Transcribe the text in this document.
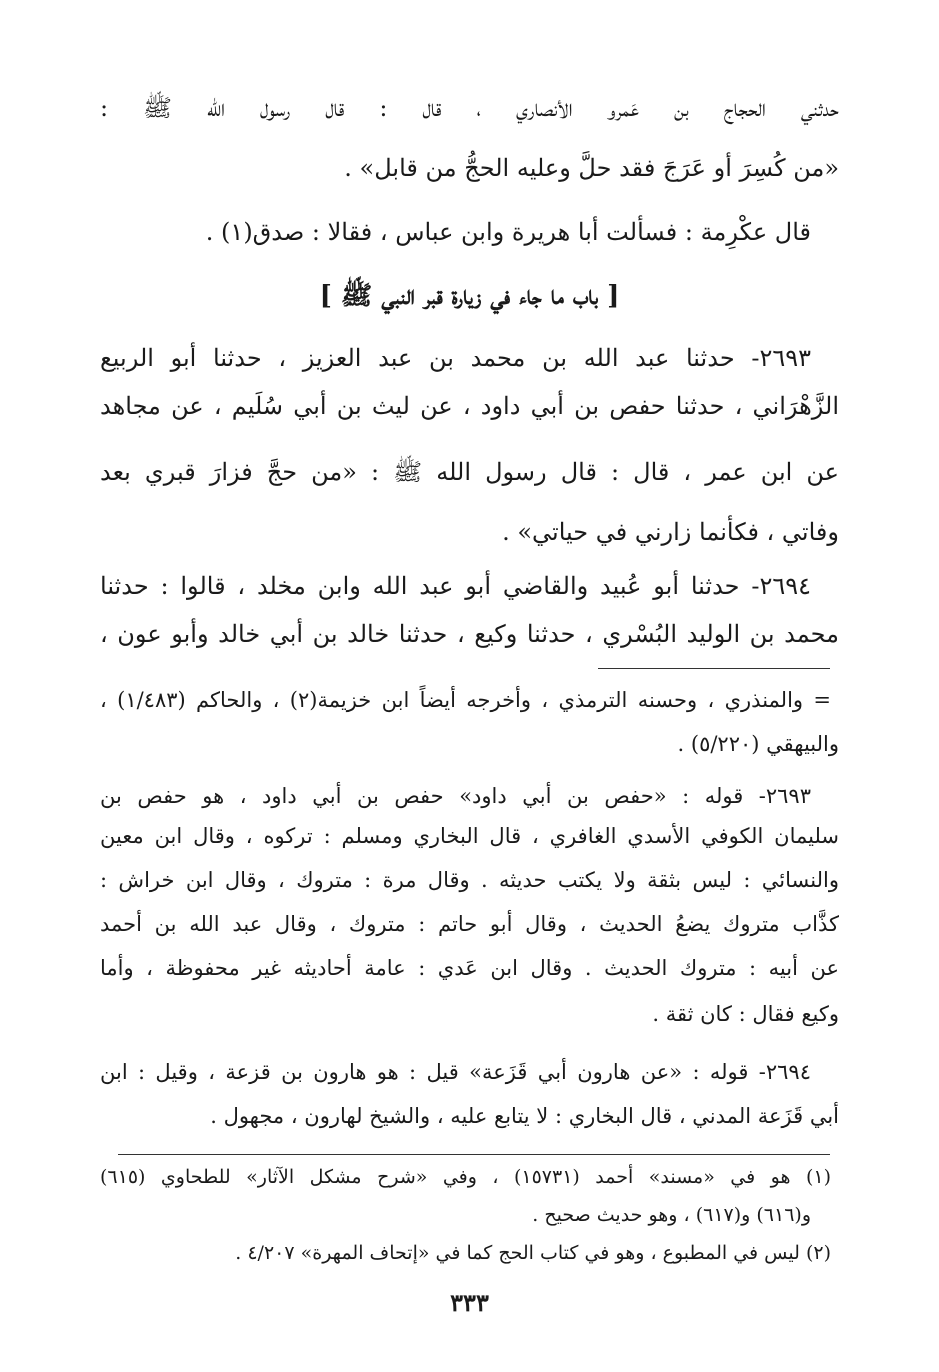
حدثني الحجاج بن عَمرو الأنصاري ، قال : قال رسول الله ﷺ :
«من كُسِرَ أو عَرَجَ فقد حلَّ وعليه الحجُّ من قابل» .
قال عكْرِمة : فسألت أبا هريرة وابن عباس ، فقالا : صدق(١) .
[ باب ما جاء في زيارة قبر النبي ﷺ ]
٢٦٩٣- حدثنا عبد الله بن محمد بن عبد العزيز ، حدثنا أبو الربيع
الزَّهْرَاني ، حدثنا حفص بن أبي داود ، عن ليث بن أبي سُلَيم ، عن مجاهد
عن ابن عمر ، قال : قال رسول الله ﷺ : «من حجَّ فزارَ قبري بعد
وفاتي ، فكأنما زارني في حياتي» .
٢٦٩٤- حدثنا أبو عُبيد والقاضي أبو عبد الله وابن مخلد ، قالوا : حدثنا
محمد بن الوليد البُسْري ، حدثنا وكيع ، حدثنا خالد بن أبي خالد وأبو عون ،
= والمنذري ، وحسنه الترمذي ، وأخرجه أيضاً ابن خزيمة(٢) ، والحاكم (١/٤٨٣) ،
والبيهقي (٥/٢٢٠) .
٢٦٩٣- قوله : «حفص بن أبي داود» حفص بن أبي داود ، هو حفص بن
سليمان الكوفي الأسدي الغافري ، قال البخاري ومسلم : تركوه ، وقال ابن معين
والنسائي : ليس بثقة ولا يكتب حديثه . وقال مرة : متروك ، وقال ابن خراش :
كذَّاب متروك يضعُ الحديث ، وقال أبو حاتم : متروك ، وقال عبد الله بن أحمد
عن أبيه : متروك الحديث . وقال ابن عَدي : عامة أحاديثه غير محفوظة ، وأما
وكيع فقال : كان ثقة .
٢٦٩٤- قوله : «عن هارون أبي قَزَعة» قيل : هو هارون بن قزعة ، وقيل : ابن
أبي قَزَعة المدني ، قال البخاري : لا يتابع عليه ، والشيخ لهارون ، مجهول .
(١) هو في «مسند» أحمد (١٥٧٣١) ، وفي «شرح مشكل الآثار» للطحاوي (٦١٥)
و(٦١٦) و(٦١٧) ، وهو حديث صحيح .
(٢) ليس في المطبوع ، وهو في كتاب الحج كما في «إتحاف المهرة» ٤/٢٠٧ .
٣٣٣
